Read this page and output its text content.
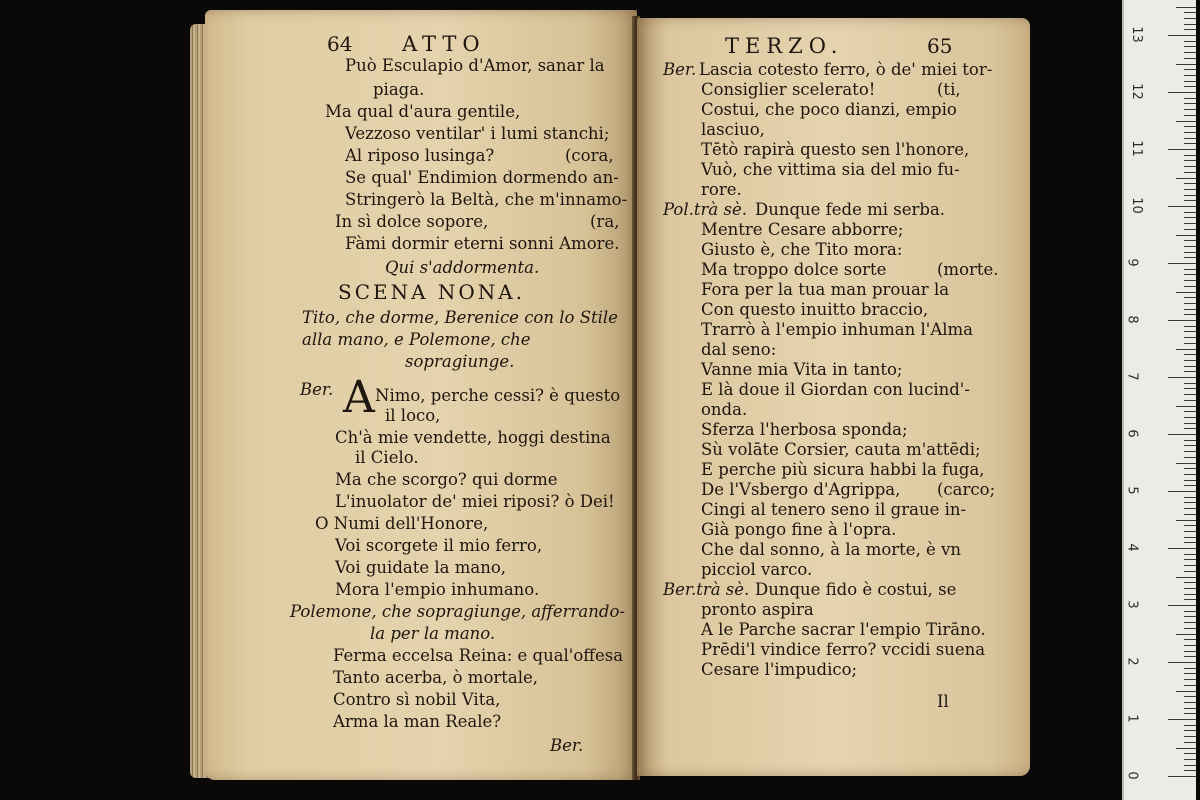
64 ATTO
Può Esculapio d'Amor, sanar la
piaga.
Ma qual d'aura gentile,
Vezzoso ventilar' i lumi stanchi;
Al riposo lusinga?	(cora,
Se qual' Endimion dormendo an-
Stringerò la Beltà, che m'innamo-
In sì dolce sopore,	(ra,
Fàmi dormir eterni sonni Amore.
Qui s'addormenta.
SCENA NONA.
Tito, che dorme, Berenice con lo Stile
alla mano, e Polemone, che
sopragiunge.
Ber. A Nimo, perche cessi? è questo
il loco,
Ch'à mie vendette, hoggi destina
il Cielo.
Ma che scorgo? qui dorme
L'inuolator de' miei riposi? ò Dei!
O Numi dell'Honore,
Voi scorgete il mio ferro,
Voi guidate la mano,
Mora l'empio inhumano.
Polemone, che sopragiunge, afferrando-
la per la mano.
Ferma eccelsa Reina: e qual'offesa
Tanto acerba, ò mortale,
Contro sì nobil Vita,
Arma la man Reale?
Ber.
TERZO.	65
Ber. Lascia cotesto ferro, ò de' miei tor-
Consiglier scelerato!	(ti,
Costui, che poco dianzi, empio
lasciuo,
Tētò rapirà questo sen l'honore,
Vuò, che vittima sia del mio fu-
rore.
Pol.trà sè. Dunque fede mi serba.
Mentre Cesare abborre;
Giusto è, che Tito mora:
Ma troppo dolce sorte	(morte.
Fora per la tua man prouar la
Con questo inuitto braccio,
Trarrò à l'empio inhuman l'Alma
dal seno:
Vanne mia Vita in tanto;
E là doue il Giordan con lucind'-
onda.
Sferza l'herbosa sponda;
Sù volāte Corsier, cauta m'attēdi;
E perche più sicura habbi la fuga,
De l'Vsbergo d'Agrippa, (carco;
Cingi al tenero seno il graue in-
Già pongo fine à l'opra.
Che dal sonno, à la morte, è vn
picciol varco.
Ber.trà sè. Dunque fido è costui, se
pronto aspira
A le Parche sacrar l'empio Tirāno.
Prēdi'l vindice ferro? vccidi suena
Cesare l'impudico;
Il
0
1
2
3
4
5
6
7
8
9
10
11
12
13
